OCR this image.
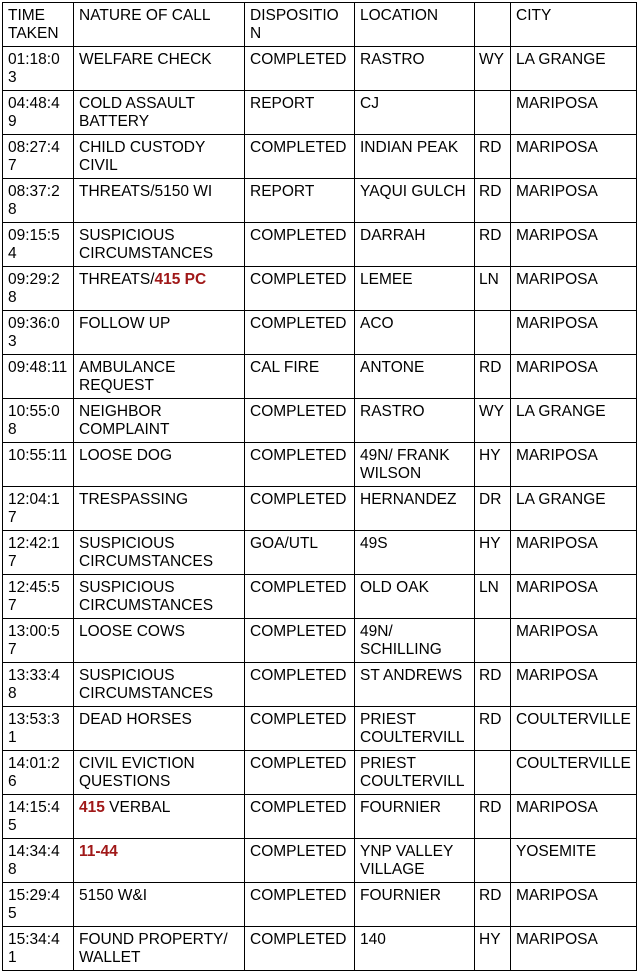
TIME TAKEN	NATURE OF CALL	DISPOSITION	LOCATION		CITY
01:18:03	WELFARE CHECK	COMPLETED	RASTRO	WY	LA GRANGE
04:48:49	COLD ASSAULT BATTERY	REPORT	CJ		MARIPOSA
08:27:47	CHILD CUSTODY CIVIL	COMPLETED	INDIAN PEAK	RD	MARIPOSA
08:37:28	THREATS/5150 WI	REPORT	YAQUI GULCH	RD	MARIPOSA
09:15:54	SUSPICIOUS CIRCUMSTANCES	COMPLETED	DARRAH	RD	MARIPOSA
09:29:28	THREATS/415 PC	COMPLETED	LEMEE	LN	MARIPOSA
09:36:03	FOLLOW UP	COMPLETED	ACO		MARIPOSA
09:48:11	AMBULANCE REQUEST	CAL FIRE	ANTONE	RD	MARIPOSA
10:55:08	NEIGHBOR COMPLAINT	COMPLETED	RASTRO	WY	LA GRANGE
10:55:11	LOOSE DOG	COMPLETED	49N/ FRANK WILSON	HY	MARIPOSA
12:04:17	TRESPASSING	COMPLETED	HERNANDEZ	DR	LA GRANGE
12:42:17	SUSPICIOUS CIRCUMSTANCES	GOA/UTL	49S	HY	MARIPOSA
12:45:57	SUSPICIOUS CIRCUMSTANCES	COMPLETED	OLD OAK	LN	MARIPOSA
13:00:57	LOOSE COWS	COMPLETED	49N/ SCHILLING		MARIPOSA
13:33:48	SUSPICIOUS CIRCUMSTANCES	COMPLETED	ST ANDREWS	RD	MARIPOSA
13:53:31	DEAD HORSES	COMPLETED	PRIEST COULTERVILL	RD	COULTERVILLE
14:01:26	CIVIL EVICTION QUESTIONS	COMPLETED	PRIEST COULTERVILL		COULTERVILLE
14:15:45	415 VERBAL	COMPLETED	FOURNIER	RD	MARIPOSA
14:34:48	11-44	COMPLETED	YNP VALLEY VILLAGE		YOSEMITE
15:29:45	5150 W&I	COMPLETED	FOURNIER	RD	MARIPOSA
15:34:41	FOUND PROPERTY/ WALLET	COMPLETED	140	HY	MARIPOSA
